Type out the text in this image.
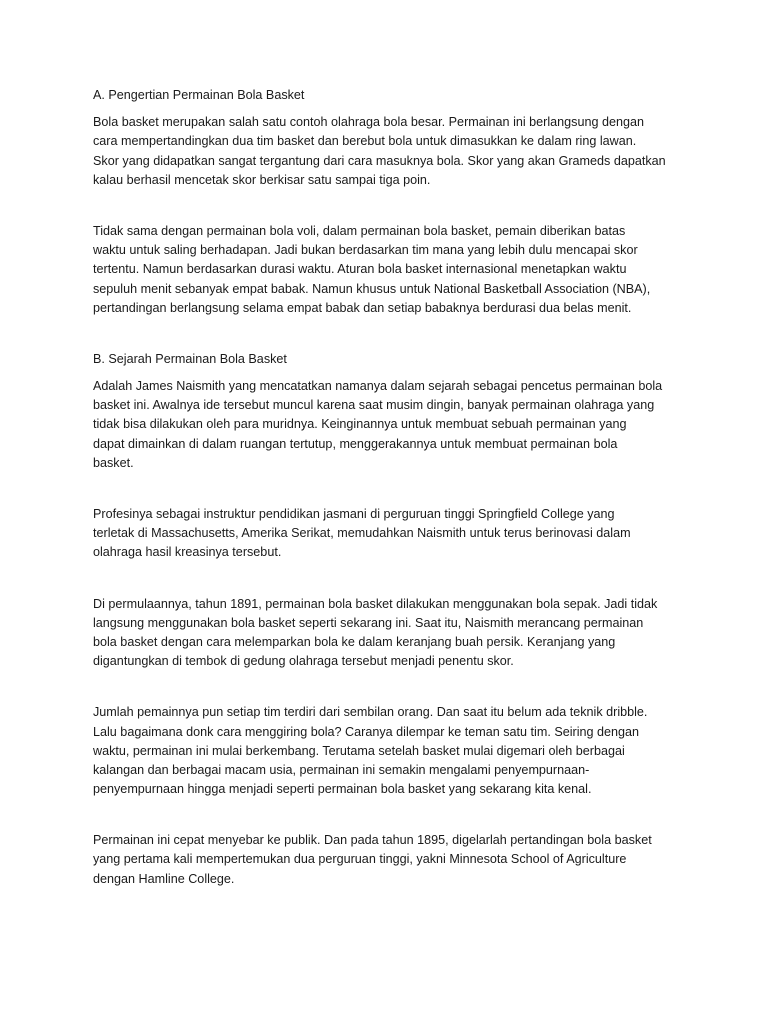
A. Pengertian Permainan Bola Basket

Bola basket merupakan salah satu contoh olahraga bola besar. Permainan ini berlangsung dengan
cara mempertandingkan dua tim basket dan berebut bola untuk dimasukkan ke dalam ring lawan.
Skor yang didapatkan sangat tergantung dari cara masuknya bola. Skor yang akan Grameds dapatkan
kalau berhasil mencetak skor berkisar satu sampai tiga poin.

Tidak sama dengan permainan bola voli, dalam permainan bola basket, pemain diberikan batas
waktu untuk saling berhadapan. Jadi bukan berdasarkan tim mana yang lebih dulu mencapai skor
tertentu. Namun berdasarkan durasi waktu. Aturan bola basket internasional menetapkan waktu
sepuluh menit sebanyak empat babak. Namun khusus untuk National Basketball Association (NBA),
pertandingan berlangsung selama empat babak dan setiap babaknya berdurasi dua belas menit.

B. Sejarah Permainan Bola Basket

Adalah James Naismith yang mencatatkan namanya dalam sejarah sebagai pencetus permainan bola
basket ini. Awalnya ide tersebut muncul karena saat musim dingin, banyak permainan olahraga yang
tidak bisa dilakukan oleh para muridnya. Keinginannya untuk membuat sebuah permainan yang
dapat dimainkan di dalam ruangan tertutup, menggerakannya untuk membuat permainan bola
basket.

Profesinya sebagai instruktur pendidikan jasmani di perguruan tinggi Springfield College yang
terletak di Massachusetts, Amerika Serikat, memudahkan Naismith untuk terus berinovasi dalam
olahraga hasil kreasinya tersebut.

Di permulaannya, tahun 1891, permainan bola basket dilakukan menggunakan bola sepak. Jadi tidak
langsung menggunakan bola basket seperti sekarang ini. Saat itu, Naismith merancang permainan
bola basket dengan cara melemparkan bola ke dalam keranjang buah persik. Keranjang yang
digantungkan di tembok di gedung olahraga tersebut menjadi penentu skor.

Jumlah pemainnya pun setiap tim terdiri dari sembilan orang. Dan saat itu belum ada teknik dribble.
Lalu bagaimana donk cara menggiring bola? Caranya dilempar ke teman satu tim. Seiring dengan
waktu, permainan ini mulai berkembang. Terutama setelah basket mulai digemari oleh berbagai
kalangan dan berbagai macam usia, permainan ini semakin mengalami penyempurnaan-
penyempurnaan hingga menjadi seperti permainan bola basket yang sekarang kita kenal.

Permainan ini cepat menyebar ke publik. Dan pada tahun 1895, digelarlah pertandingan bola basket
yang pertama kali mempertemukan dua perguruan tinggi, yakni Minnesota School of Agriculture
dengan Hamline College.
